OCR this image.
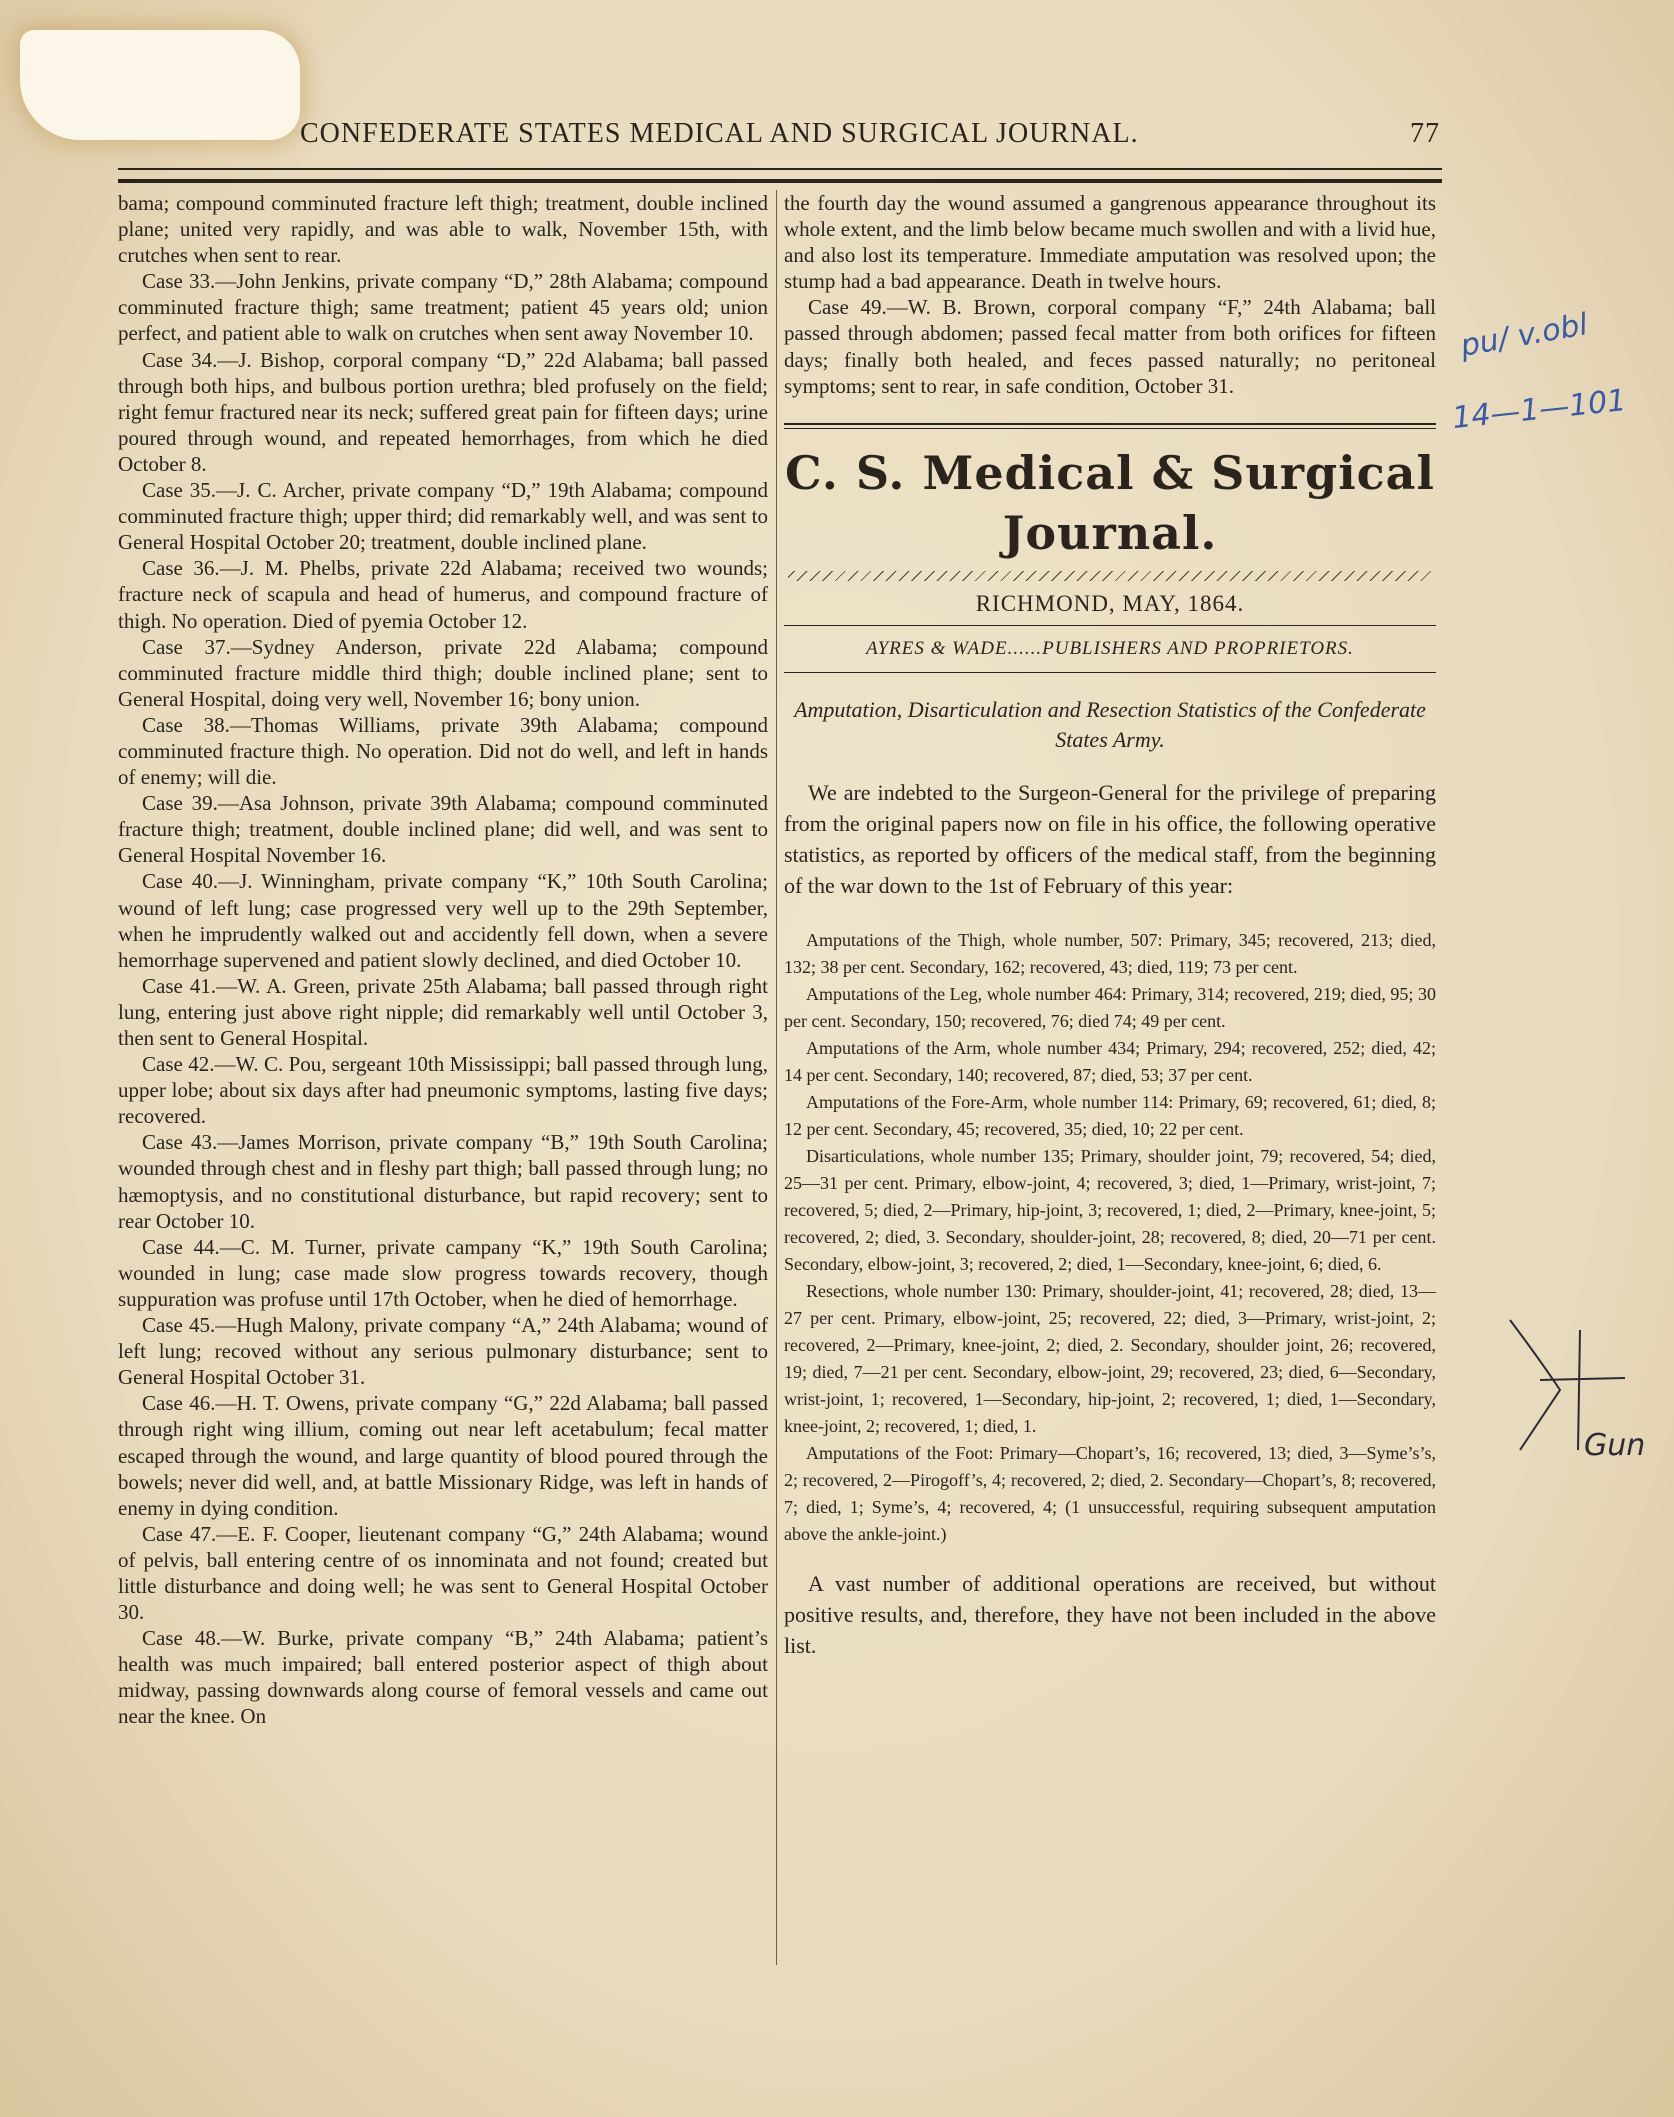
CONFEDERATE STATES MEDICAL AND SURGICAL JOURNAL.	77

bama; compound comminuted fracture left thigh; treatment, double inclined plane; united very rapidly, and was able to walk, November 15th, with crutches when sent to rear.

Case 33.—John Jenkins, private company “D,” 28th Alabama; compound comminuted fracture thigh; same treatment; patient 45 years old; union perfect, and patient able to walk on crutches when sent away November 10.

Case 34.—J. Bishop, corporal company “D,” 22d Alabama; ball passed through both hips, and bulbous portion urethra; bled profusely on the field; right femur fractured near its neck; suffered great pain for fifteen days; urine poured through wound, and repeated hemorrhages, from which he died October 8.

Case 35.—J. C. Archer, private company “D,” 19th Alabama; compound comminuted fracture thigh; upper third; did remarkably well, and was sent to General Hospital October 20; treatment, double inclined plane.

Case 36.—J. M. Phelbs, private 22d Alabama; received two wounds; fracture neck of scapula and head of humerus, and compound fracture of thigh. No operation. Died of pyemia October 12.

Case 37.—Sydney Anderson, private 22d Alabama; compound comminuted fracture middle third thigh; double inclined plane; sent to General Hospital, doing very well, November 16; bony union.

Case 38.—Thomas Williams, private 39th Alabama; compound comminuted fracture thigh. No operation. Did not do well, and left in hands of enemy; will die.

Case 39.—Asa Johnson, private 39th Alabama; compound comminuted fracture thigh; treatment, double inclined plane; did well, and was sent to General Hospital November 16.

Case 40.—J. Winningham, private company “K,” 10th South Carolina; wound of left lung; case progressed very well up to the 29th September, when he imprudently walked out and accidently fell down, when a severe hemorrhage supervened and patient slowly declined, and died October 10.

Case 41.—W. A. Green, private 25th Alabama; ball passed through right lung, entering just above right nipple; did remarkably well until October 3, then sent to General Hospital.

Case 42.—W. C. Pou, sergeant 10th Mississippi; ball passed through lung, upper lobe; about six days after had pneumonic symptoms, lasting five days; recovered.

Case 43.—James Morrison, private company “B,” 19th South Carolina; wounded through chest and in fleshy part thigh; ball passed through lung; no hæmoptysis, and no constitutional disturbance, but rapid recovery; sent to rear October 10.

Case 44.—C. M. Turner, private campany “K,” 19th South Carolina; wounded in lung; case made slow progress towards recovery, though suppuration was profuse until 17th October, when he died of hemorrhage.

Case 45.—Hugh Malony, private company “A,” 24th Alabama; wound of left lung; recoved without any serious pulmonary disturbance; sent to General Hospital October 31.

Case 46.—H. T. Owens, private company “G,” 22d Alabama; ball passed through right wing illium, coming out near left acetabulum; fecal matter escaped through the wound, and large quantity of blood poured through the bowels; never did well, and, at battle Missionary Ridge, was left in hands of enemy in dying condition.

Case 47.—E. F. Cooper, lieutenant company “G,” 24th Alabama; wound of pelvis, ball entering centre of os innominata and not found; created but little disturbance and doing well; he was sent to General Hospital October 30.

Case 48.—W. Burke, private company “B,” 24th Alabama; patient’s health was much impaired; ball entered posterior aspect of thigh about midway, passing downwards along course of femoral vessels and came out near the knee. On

the fourth day the wound assumed a gangrenous appearance throughout its whole extent, and the limb below became much swollen and with a livid hue, and also lost its temperature. Immediate amputation was resolved upon; the stump had a bad appearance. Death in twelve hours.

Case 49.—W. B. Brown, corporal company “F,” 24th Alabama; ball passed through abdomen; passed fecal matter from both orifices for fifteen days; finally both healed, and feces passed naturally; no peritoneal symptoms; sent to rear, in safe condition, October 31.

C. S. Medical & Surgical Journal.
RICHMOND, MAY, 1864.
AYRES & WADE......PUBLISHERS AND PROPRIETORS.
Amputation, Disarticulation and Resection Statistics of the Confederate States Army.

We are indebted to the Surgeon-General for the privilege of preparing from the original papers now on file in his office, the following operative statistics, as reported by officers of the medical staff, from the beginning of the war down to the 1st of February of this year:

Amputations of the Thigh, whole number, 507: Primary, 345; recovered, 213; died, 132; 38 per cent. Secondary, 162; recovered, 43; died, 119; 73 per cent.

Amputations of the Leg, whole number 464: Primary, 314; recovered, 219; died, 95; 30 per cent. Secondary, 150; recovered, 76; died 74; 49 per cent.

Amputations of the Arm, whole number 434; Primary, 294; recovered, 252; died, 42; 14 per cent. Secondary, 140; recovered, 87; died, 53; 37 per cent.

Amputations of the Fore-Arm, whole number 114: Primary, 69; recovered, 61; died, 8; 12 per cent. Secondary, 45; recovered, 35; died, 10; 22 per cent.

Disarticulations, whole number 135; Primary, shoulder joint, 79; recovered, 54; died, 25—31 per cent. Primary, elbow-joint, 4; recovered, 3; died, 1—Primary, wrist-joint, 7; recovered, 5; died, 2—Primary, hip-joint, 3; recovered, 1; died, 2—Primary, knee-joint, 5; recovered, 2; died, 3. Secondary, shoulder-joint, 28; recovered, 8; died, 20—71 per cent. Secondary, elbow-joint, 3; recovered, 2; died, 1—Secondary, knee-joint, 6; died, 6.

Resections, whole number 130: Primary, shoulder-joint, 41; recovered, 28; died, 13—27 per cent. Primary, elbow-joint, 25; recovered, 22; died, 3—Primary, wrist-joint, 2; recovered, 2—Primary, knee-joint, 2; died, 2. Secondary, shoulder joint, 26; recovered, 19; died, 7—21 per cent. Secondary, elbow-joint, 29; recovered, 23; died, 6—Secondary, wrist-joint, 1; recovered, 1—Secondary, hip-joint, 2; recovered, 1; died, 1—Secondary, knee-joint, 2; recovered, 1; died, 1.

Amputations of the Foot: Primary—Chopart’s, 16; recovered, 13; died, 3—Syme’s’s, 2; recovered, 2—Pirogoff’s, 4; recovered, 2; died, 2. Secondary—Chopart’s, 8; recovered, 7; died, 1; Syme’s, 4; recovered, 4; (1 unsuccessful, requiring subsequent amputation above the ankle-joint.)

A vast number of additional operations are received, but without positive results, and, therefore, they have not been included in the above list.

pu/ v.obl
14—1—101
Gun
